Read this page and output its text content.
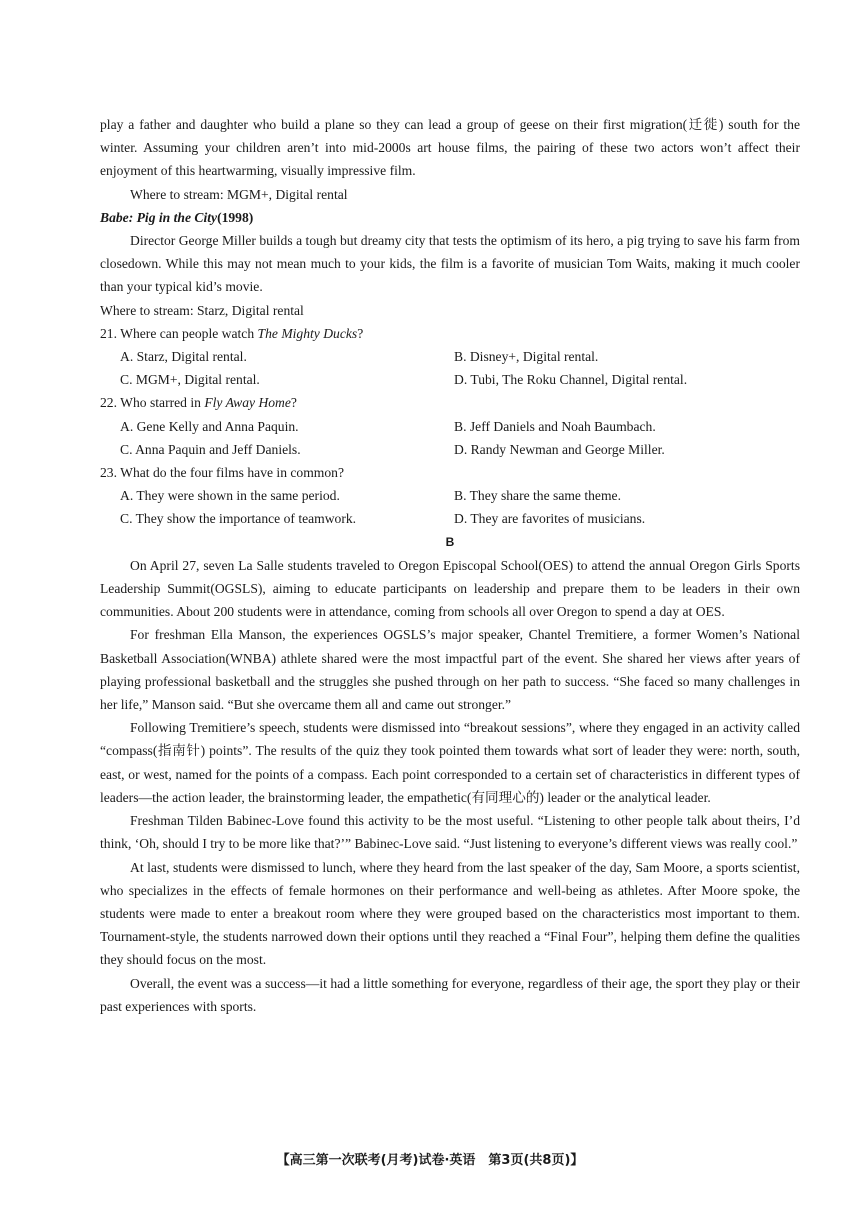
play a father and daughter who build a plane so they can lead a group of geese on their first migration(迁徙) south for the winter. Assuming your children aren’t into mid-2000s art house films, the pairing of these two actors won’t affect their enjoyment of this heartwarming, visually impressive film.

Where to stream: MGM+, Digital rental

Babe: Pig in the City(1998)

Director George Miller builds a tough but dreamy city that tests the optimism of its hero, a pig trying to save his farm from closedown. While this may not mean much to your kids, the film is a favorite of musician Tom Waits, making it much cooler than your typical kid’s movie.

Where to stream: Starz, Digital rental

21. Where can people watch The Mighty Ducks?

A. Starz, Digital rental.	B. Disney+, Digital rental.
C. MGM+, Digital rental.	D. Tubi, The Roku Channel, Digital rental.

22. Who starred in Fly Away Home?

A. Gene Kelly and Anna Paquin.	B. Jeff Daniels and Noah Baumbach.
C. Anna Paquin and Jeff Daniels.	D. Randy Newman and George Miller.

23. What do the four films have in common?

A. They were shown in the same period.	B. They share the same theme.
C. They show the importance of teamwork.	D. They are favorites of musicians.

B

On April 27, seven La Salle students traveled to Oregon Episcopal School(OES) to attend the annual Oregon Girls Sports Leadership Summit(OGSLS), aiming to educate participants on leadership and prepare them to be leaders in their own communities. About 200 students were in attendance, coming from schools all over Oregon to spend a day at OES.

For freshman Ella Manson, the experiences OGSLS’s major speaker, Chantel Tremitiere, a former Women’s National Basketball Association(WNBA) athlete shared were the most impactful part of the event. She shared her views after years of playing professional basketball and the struggles she pushed through on her path to success. “She faced so many challenges in her life,” Manson said. “But she overcame them all and came out stronger.”

Following Tremitiere’s speech, students were dismissed into “breakout sessions”, where they engaged in an activity called “compass(指南针) points”. The results of the quiz they took pointed them towards what sort of leader they were: north, south, east, or west, named for the points of a compass. Each point corresponded to a certain set of characteristics in different types of leaders—the action leader, the brainstorming leader, the empathetic(有同理心的) leader or the analytical leader.

Freshman Tilden Babinec-Love found this activity to be the most useful. “Listening to other people talk about theirs, I’d think, ‘Oh, should I try to be more like that?’” Babinec-Love said. “Just listening to everyone’s different views was really cool.”

At last, students were dismissed to lunch, where they heard from the last speaker of the day, Sam Moore, a sports scientist, who specializes in the effects of female hormones on their performance and well-being as athletes. After Moore spoke, the students were made to enter a breakout room where they were grouped based on the characteristics most important to them. Tournament-style, the students narrowed down their options until they reached a “Final Four”, helping them define the qualities they should focus on the most.

Overall, the event was a success—it had a little something for everyone, regardless of their age, the sport they play or their past experiences with sports.

【高三第一次联考(月考)试卷·英语　第3页(共8页)】
